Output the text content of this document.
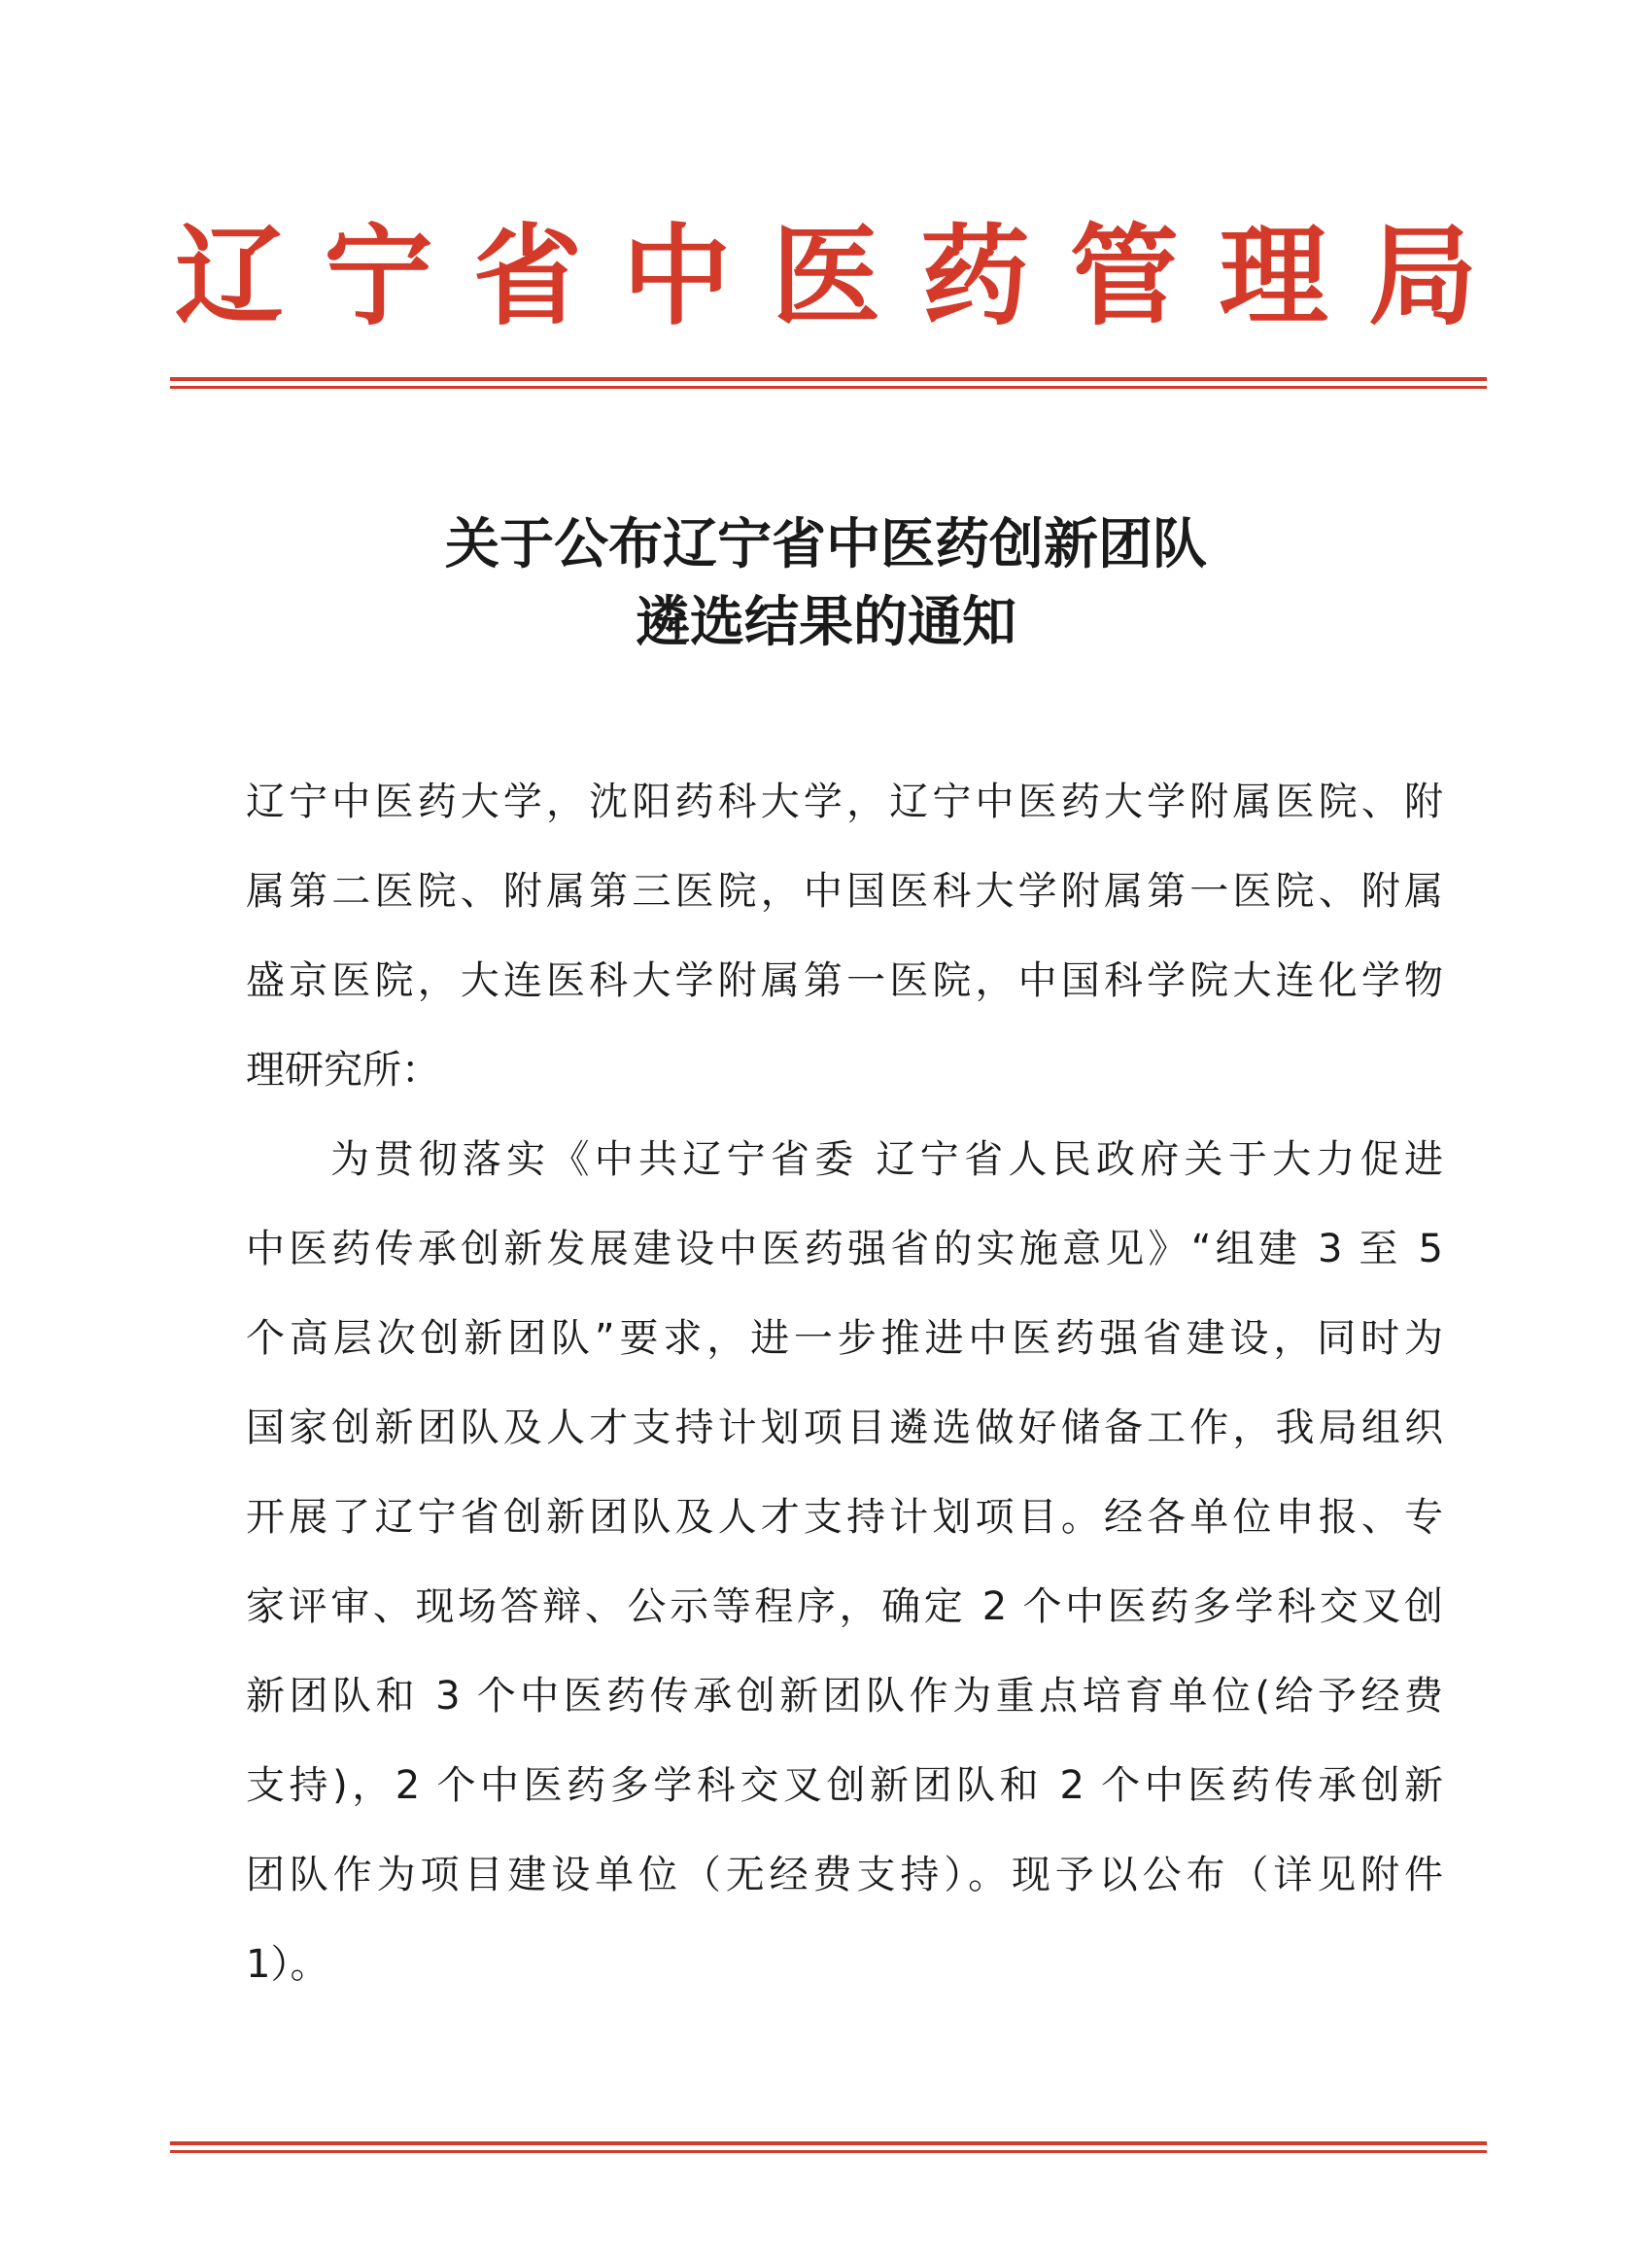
辽 宁 省 中 医 药 管 理 局
关于公布辽宁省中医药创新团队
遴选结果的通知
辽宁中医药大学，沈阳药科大学，辽宁中医药大学附属医院、附
属第二医院、附属第三医院，中国医科大学附属第一医院、附属
盛京医院，大连医科大学附属第一医院，中国科学院大连化学物
理研究所：
为贯彻落实《中共辽宁省委 辽宁省人民政府关于大力促进
中医药传承创新发展建设中医药强省的实施意见》“组建 3 至 5
个高层次创新团队”要求，进一步推进中医药强省建设，同时为
国家创新团队及人才支持计划项目遴选做好储备工作，我局组织
开展了辽宁省创新团队及人才支持计划项目。经各单位申报、专
家评审、现场答辩、公示等程序，确定 2 个中医药多学科交叉创
新团队和 3 个中医药传承创新团队作为重点培育单位(给予经费
支持)，2 个中医药多学科交叉创新团队和 2 个中医药传承创新
团队作为项目建设单位（无经费支持）。现予以公布（详见附件
1）。
